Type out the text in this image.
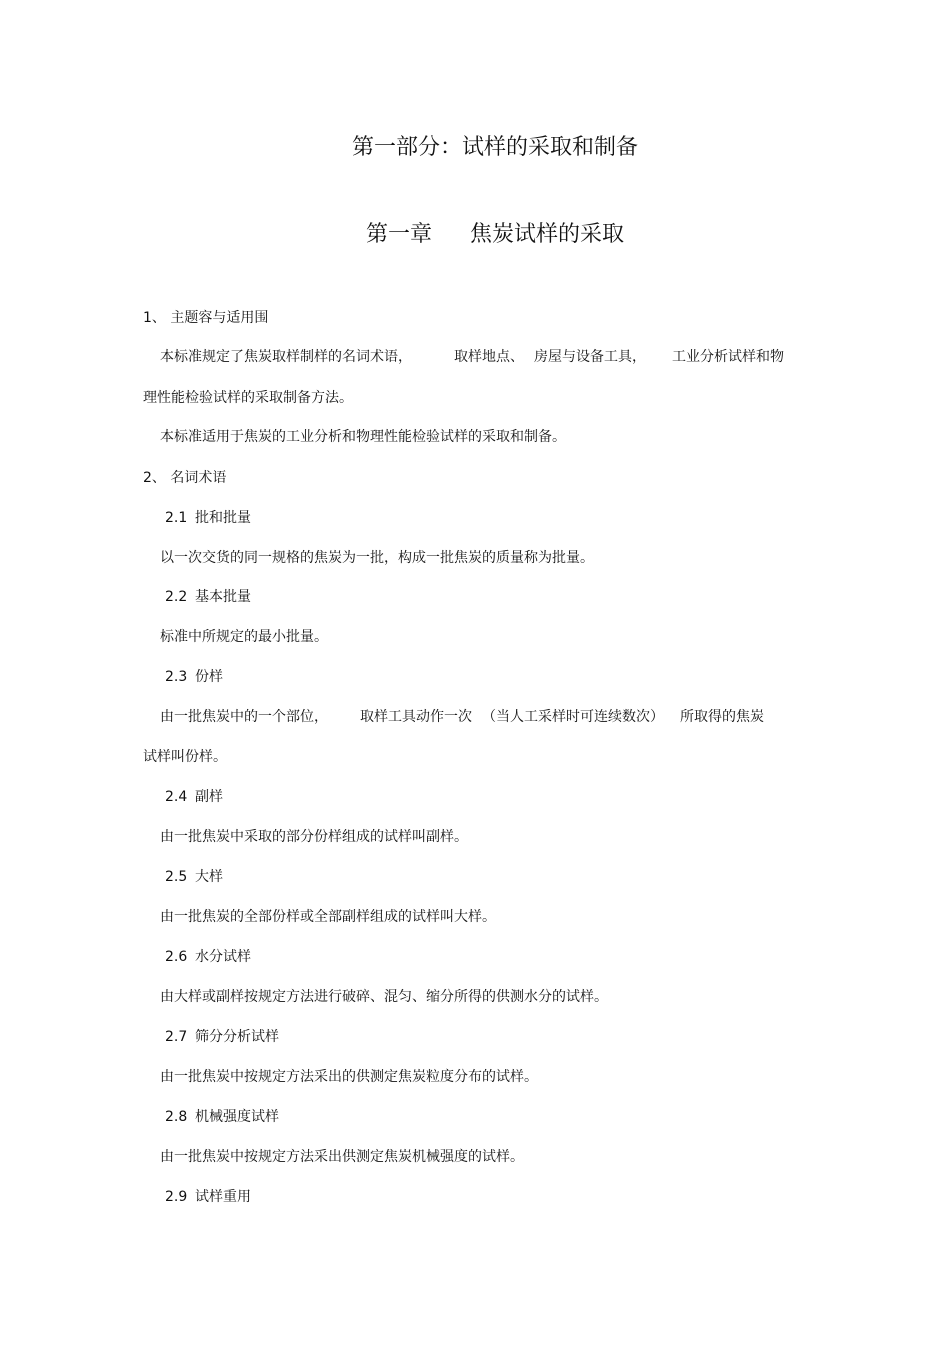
第一部分：试样的采取和制备
第一章 焦炭试样的采取
1、 主题容与适用围
本标准规定了焦炭取样制样的名词术语，	取样地点、 房屋与设备工具， 工业分析试样和物
理性能检验试样的采取制备方法。
本标准适用于焦炭的工业分析和物理性能检验试样的采取和制备。
2、 名词术语
2.1 批和批量
以一次交货的同一规格的焦炭为一批，构成一批焦炭的质量称为批量。
2.2 基本批量
标准中所规定的最小批量。
2.3 份样
由一批焦炭中的一个部位， 取样工具动作一次 （当人工采样时可连续数次） 所取得的焦炭
试样叫份样。
2.4 副样
由一批焦炭中采取的部分份样组成的试样叫副样。
2.5 大样
由一批焦炭的全部份样或全部副样组成的试样叫大样。
2.6 水分试样
由大样或副样按规定方法进行破碎、混匀、缩分所得的供测水分的试样。
2.7 筛分分析试样
由一批焦炭中按规定方法采出的供测定焦炭粒度分布的试样。
2.8 机械强度试样
由一批焦炭中按规定方法采出供测定焦炭机械强度的试样。
2.9 试样重用
